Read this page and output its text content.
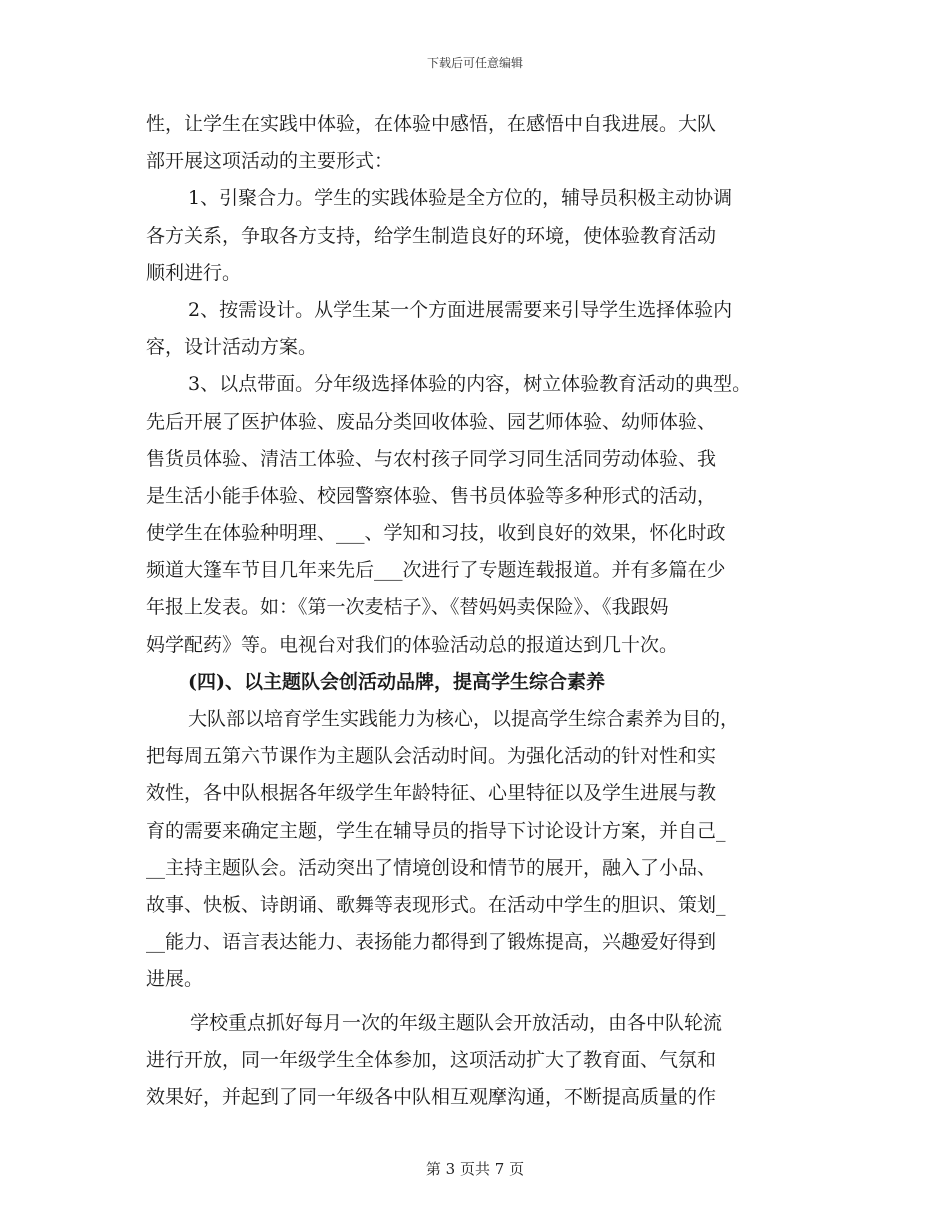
下载后可任意编辑
性，让学生在实践中体验，在体验中感悟，在感悟中自我进展。大队
部开展这项活动的主要形式：
1、引聚合力。学生的实践体验是全方位的，辅导员积极主动协调
各方关系，争取各方支持，给学生制造良好的环境，使体验教育活动
顺利进行。
2、按需设计。从学生某一个方面进展需要来引导学生选择体验内
容，设计活动方案。
3、以点带面。分年级选择体验的内容，树立体验教育活动的典型。
先后开展了医护体验、废品分类回收体验、园艺师体验、幼师体验、
售货员体验、清洁工体验、与农村孩子同学习同生活同劳动体验、我
是生活小能手体验、校园警察体验、售书员体验等多种形式的活动，
使学生在体验种明理、___、学知和习技，收到良好的效果，怀化时政
频道大篷车节目几年来先后___次进行了专题连载报道。并有多篇在少
年报上发表。如：《第一次麦桔子》、《替妈妈卖保险》、《我跟妈
妈学配药》等。电视台对我们的体验活动总的报道达到几十次。
(四)、以主题队会创活动品牌，提高学生综合素养
大队部以培育学生实践能力为核心，以提高学生综合素养为目的，
把每周五第六节课作为主题队会活动时间。为强化活动的针对性和实
效性，各中队根据各年级学生年龄特征、心里特征以及学生进展与教
育的需要来确定主题，学生在辅导员的指导下讨论设计方案，并自己_
__主持主题队会。活动突出了情境创设和情节的展开，融入了小品、
故事、快板、诗朗诵、歌舞等表现形式。在活动中学生的胆识、策划_
__能力、语言表达能力、表扬能力都得到了锻炼提高，兴趣爱好得到
进展。
学校重点抓好每月一次的年级主题队会开放活动，由各中队轮流
进行开放，同一年级学生全体参加，这项活动扩大了教育面、气氛和
效果好，并起到了同一年级各中队相互观摩沟通，不断提高质量的作
第 3 页共 7 页
